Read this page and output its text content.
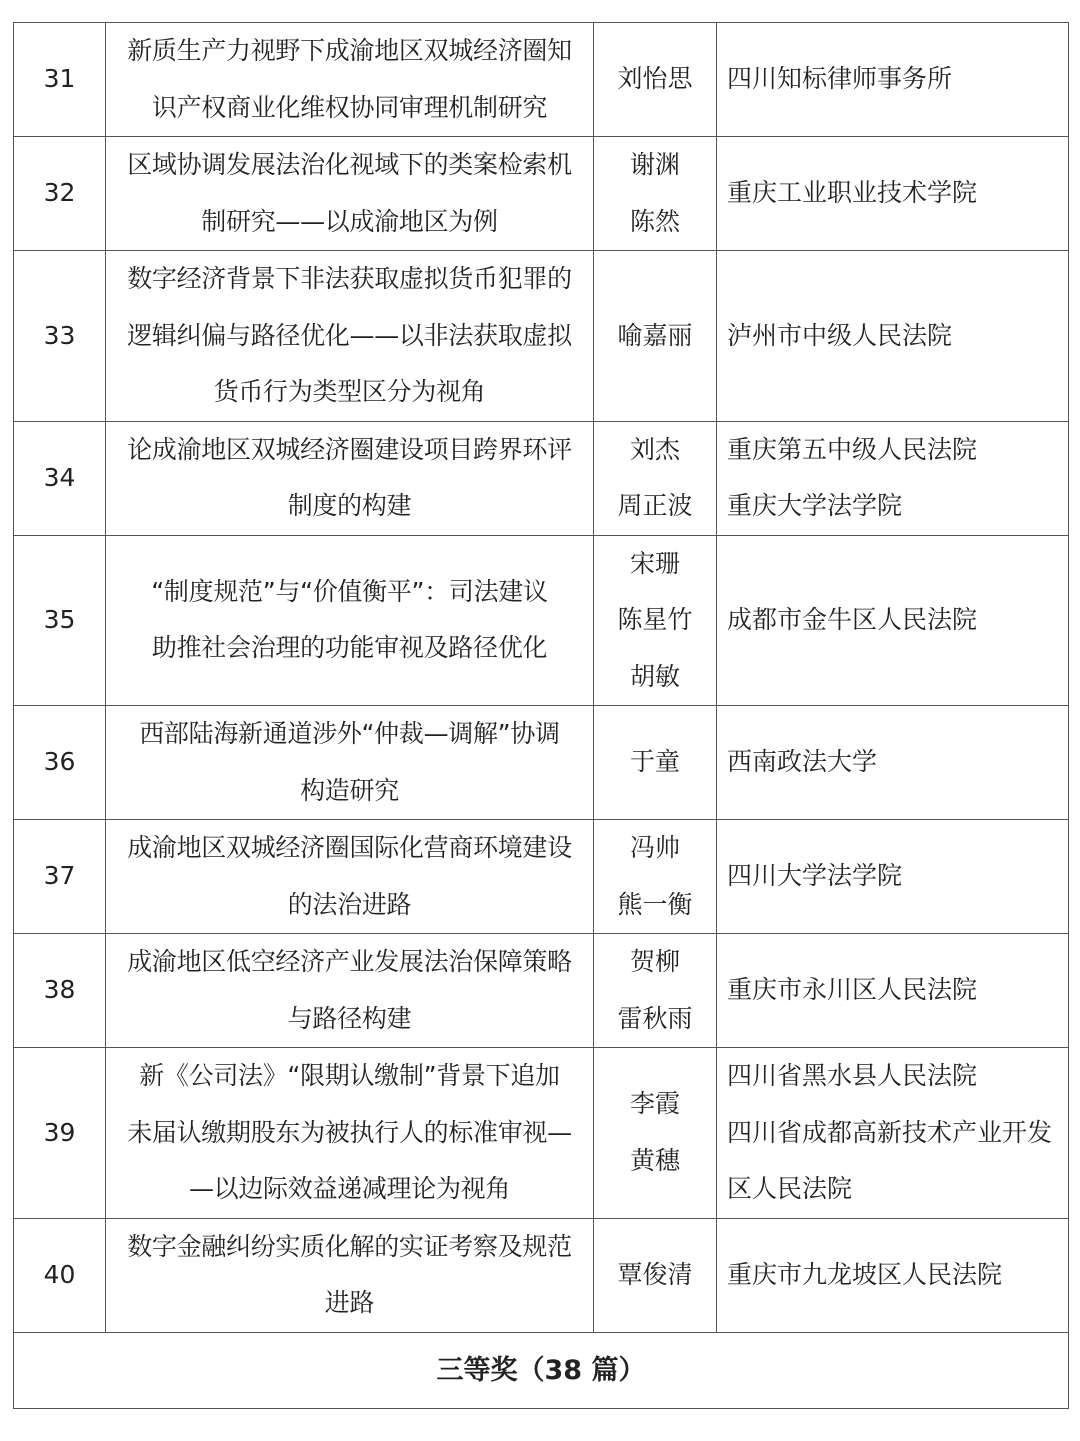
31	新质生产力视野下成渝地区双城经济圈知
识产权商业化维权协同审理机制研究	刘怡思	四川知标律师事务所

32	区域协调发展法治化视域下的类案检索机
制研究——以成渝地区为例	谢渊
陈然	重庆工业职业技术学院

33	数字经济背景下非法获取虚拟货币犯罪的
逻辑纠偏与路径优化——以非法获取虚拟
货币行为类型区分为视角	喻嘉丽	泸州市中级人民法院

34	论成渝地区双城经济圈建设项目跨界环评
制度的构建	刘杰
周正波	重庆第五中级人民法院
重庆大学法学院

35	“制度规范”与“价值衡平”：司法建议
助推社会治理的功能审视及路径优化	宋珊
陈星竹
胡敏	成都市金牛区人民法院

36	西部陆海新通道涉外“仲裁—调解”协调
构造研究	于童	西南政法大学

37	成渝地区双城经济圈国际化营商环境建设
的法治进路	冯帅
熊一衡	四川大学法学院

38	成渝地区低空经济产业发展法治保障策略
与路径构建	贺柳
雷秋雨	重庆市永川区人民法院

39	新《公司法》“限期认缴制”背景下追加
未届认缴期股东为被执行人的标准审视—
—以边际效益递减理论为视角	李霞
黄穗	四川省黑水县人民法院
四川省成都高新技术产业开发
区人民法院

40	数字金融纠纷实质化解的实证考察及规范
进路	覃俊清	重庆市九龙坡区人民法院

三等奖（38 篇）			
